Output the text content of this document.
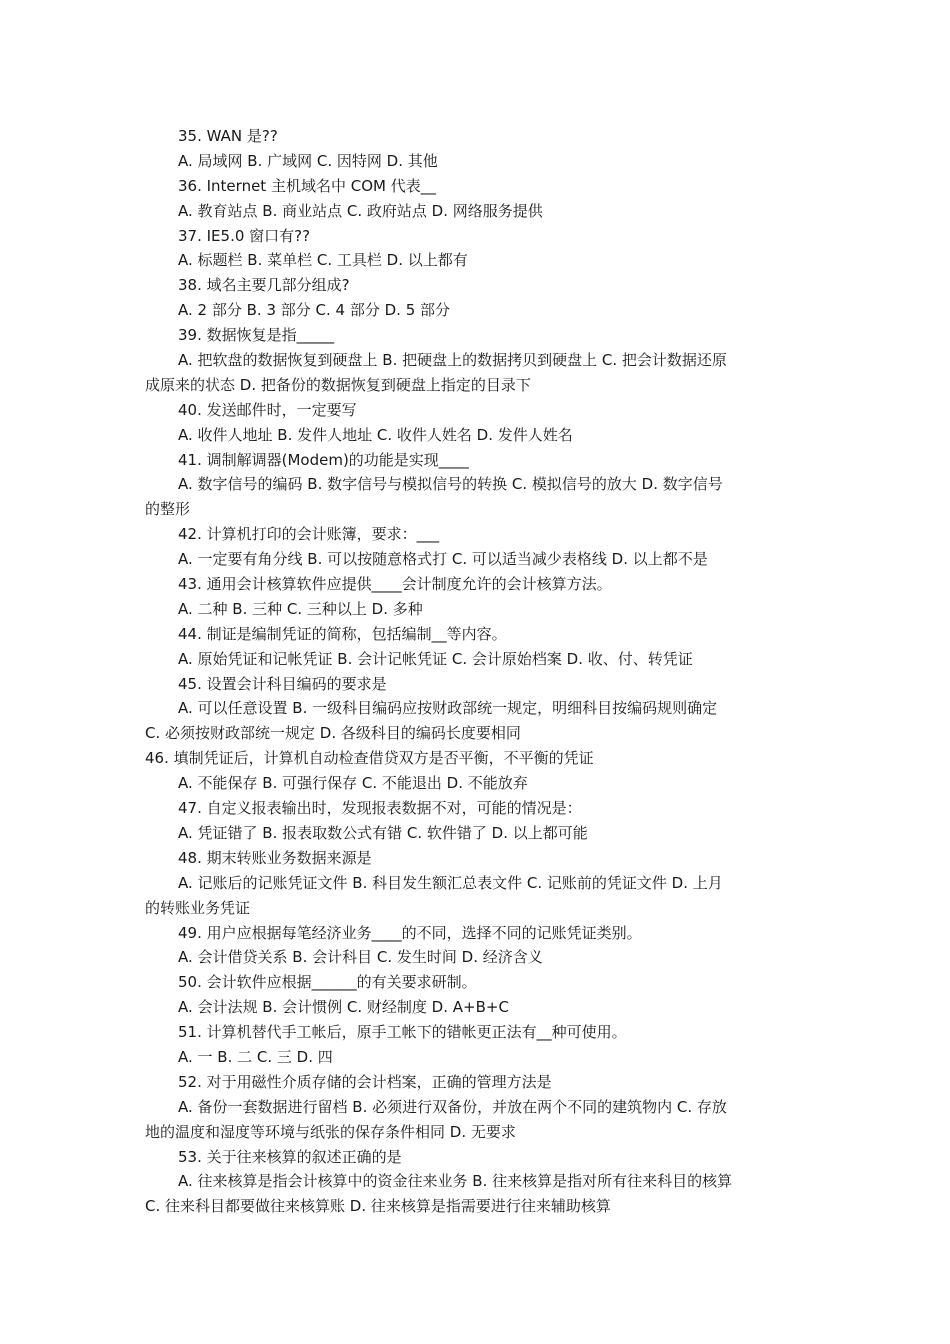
35. WAN 是??
A. 局域网 B. 广域网 C. 因特网 D. 其他
36. Internet 主机域名中 COM 代表__
A. 教育站点 B. 商业站点 C. 政府站点 D. 网络服务提供
37. IE5.0 窗口有??
A. 标题栏 B. 菜单栏 C. 工具栏 D. 以上都有
38. 域名主要几部分组成?
A. 2 部分 B. 3 部分 C. 4 部分 D. 5 部分
39. 数据恢复是指_____
A. 把软盘的数据恢复到硬盘上 B. 把硬盘上的数据拷贝到硬盘上 C. 把会计数据还原
成原来的状态 D. 把备份的数据恢复到硬盘上指定的目录下
40. 发送邮件时，一定要写
A. 收件人地址 B. 发件人地址 C. 收件人姓名 D. 发件人姓名
41. 调制解调器(Modem)的功能是实现____
A. 数字信号的编码 B. 数字信号与模拟信号的转换 C. 模拟信号的放大 D. 数字信号
的整形
42. 计算机打印的会计账簿，要求：___
A. 一定要有角分线 B. 可以按随意格式打 C. 可以适当减少表格线 D. 以上都不是
43. 通用会计核算软件应提供____会计制度允许的会计核算方法。
A. 二种 B. 三种 C. 三种以上 D. 多种
44. 制证是编制凭证的简称，包括编制__等内容。
A. 原始凭证和记帐凭证 B. 会计记帐凭证 C. 会计原始档案 D. 收、付、转凭证
45. 设置会计科目编码的要求是
A. 可以任意设置 B. 一级科目编码应按财政部统一规定，明细科目按编码规则确定
C. 必须按财政部统一规定 D. 各级科目的编码长度要相同
46. 填制凭证后，计算机自动检查借贷双方是否平衡，不平衡的凭证
A. 不能保存 B. 可强行保存 C. 不能退出 D. 不能放弃
47. 自定义报表输出时，发现报表数据不对，可能的情况是：
A. 凭证错了 B. 报表取数公式有错 C. 软件错了 D. 以上都可能
48. 期末转账业务数据来源是
A. 记账后的记账凭证文件 B. 科目发生额汇总表文件 C. 记账前的凭证文件 D. 上月
的转账业务凭证
49. 用户应根据每笔经济业务____的不同，选择不同的记账凭证类别。
A. 会计借贷关系 B. 会计科目 C. 发生时间 D. 经济含义
50. 会计软件应根据______的有关要求研制。
A. 会计法规 B. 会计惯例 C. 财经制度 D. A+B+C
51. 计算机替代手工帐后，原手工帐下的错帐更正法有__种可使用。
A. 一 B. 二 C. 三 D. 四
52. 对于用磁性介质存储的会计档案，正确的管理方法是
A. 备份一套数据进行留档 B. 必须进行双备份，并放在两个不同的建筑物内 C. 存放
地的温度和湿度等环境与纸张的保存条件相同 D. 无要求
53. 关于往来核算的叙述正确的是
A. 往来核算是指会计核算中的资金往来业务 B. 往来核算是指对所有往来科目的核算
C. 往来科目都要做往来核算账 D. 往来核算是指需要进行往来辅助核算
